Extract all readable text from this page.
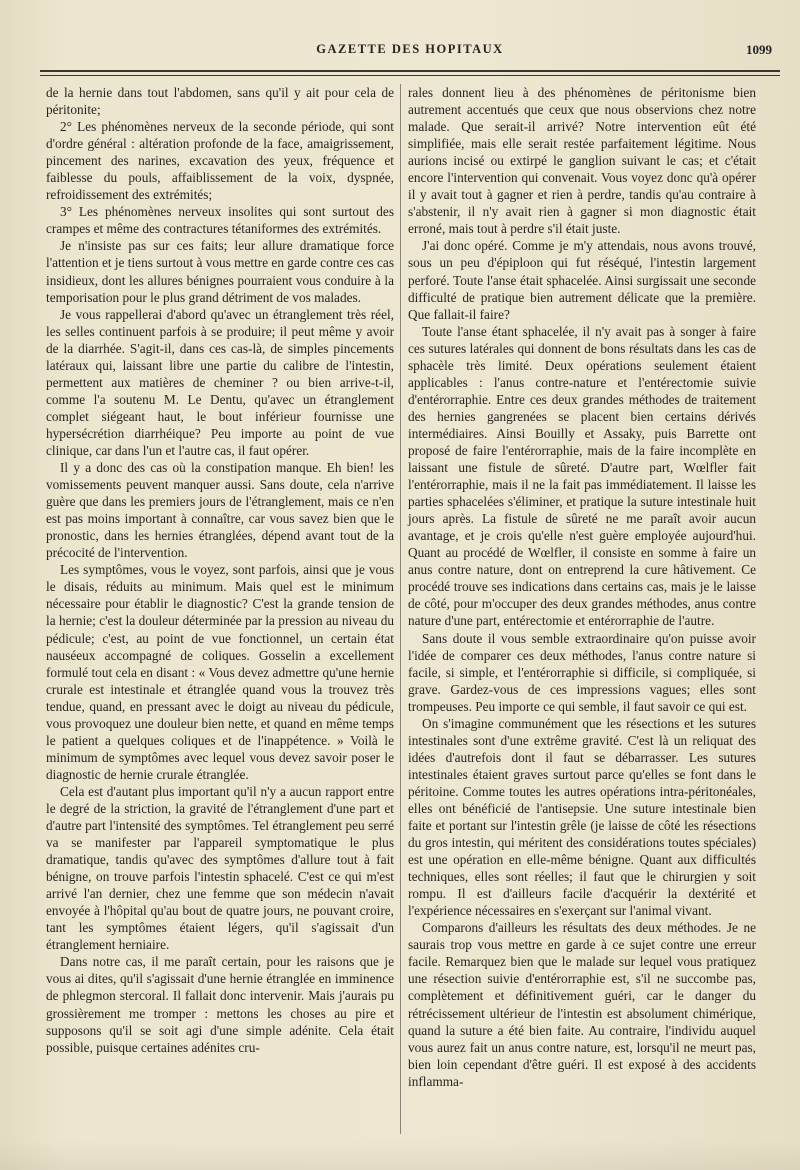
GAZETTE DES HOPITAUX	1099

de la hernie dans tout l'abdomen, sans qu'il y ait pour cela de péritonite;

2° Les phénomènes nerveux de la seconde période, qui sont d'ordre général : altération profonde de la face, amaigrissement, pincement des narines, excavation des yeux, fréquence et faiblesse du pouls, affaiblissement de la voix, dyspnée, refroidissement des extrémités;

3° Les phénomènes nerveux insolites qui sont surtout des crampes et même des contractures tétaniformes des extrémités.

Je n'insiste pas sur ces faits; leur allure dramatique force l'attention et je tiens surtout à vous mettre en garde contre ces cas insidieux, dont les allures bénignes pourraient vous conduire à la temporisation pour le plus grand détriment de vos malades.

Je vous rappellerai d'abord qu'avec un étranglement très réel, les selles continuent parfois à se produire; il peut même y avoir de la diarrhée. S'agit-il, dans ces cas-là, de simples pincements latéraux qui, laissant libre une partie du calibre de l'intestin, permettent aux matières de cheminer ? ou bien arrive-t-il, comme l'a soutenu M. Le Dentu, qu'avec un étranglement complet siégeant haut, le bout inférieur fournisse une hypersécrétion diarrhéique? Peu importe au point de vue clinique, car dans l'un et l'autre cas, il faut opérer.

Il y a donc des cas où la constipation manque. Eh bien! les vomissements peuvent manquer aussi. Sans doute, cela n'arrive guère que dans les premiers jours de l'étranglement, mais ce n'en est pas moins important à connaître, car vous savez bien que le pronostic, dans les hernies étranglées, dépend avant tout de la précocité de l'intervention.

Les symptômes, vous le voyez, sont parfois, ainsi que je vous le disais, réduits au minimum. Mais quel est le minimum nécessaire pour établir le diagnostic? C'est la grande tension de la hernie; c'est la douleur déterminée par la pression au niveau du pédicule; c'est, au point de vue fonctionnel, un certain état nauséeux accompagné de coliques. Gosselin a excellement formulé tout cela en disant : « Vous devez admettre qu'une hernie crurale est intestinale et étranglée quand vous la trouvez très tendue, quand, en pressant avec le doigt au niveau du pédicule, vous provoquez une douleur bien nette, et quand en même temps le patient a quelques coliques et de l'inappétence. » Voilà le minimum de symptômes avec lequel vous devez savoir poser le diagnostic de hernie crurale étranglée.

Cela est d'autant plus important qu'il n'y a aucun rapport entre le degré de la striction, la gravité de l'étranglement d'une part et d'autre part l'intensité des symptômes. Tel étranglement peu serré va se manifester par l'appareil symptomatique le plus dramatique, tandis qu'avec des symptômes d'allure tout à fait bénigne, on trouve parfois l'intestin sphacelé. C'est ce qui m'est arrivé l'an dernier, chez une femme que son médecin n'avait envoyée à l'hôpital qu'au bout de quatre jours, ne pouvant croire, tant les symptômes étaient légers, qu'il s'agissait d'un étranglement herniaire.

Dans notre cas, il me paraît certain, pour les raisons que je vous ai dites, qu'il s'agissait d'une hernie étranglée en imminence de phlegmon stercoral. Il fallait donc intervenir. Mais j'aurais pu grossièrement me tromper : mettons les choses au pire et supposons qu'il se soit agi d'une simple adénite. Cela était possible, puisque certaines adénites cru-

rales donnent lieu à des phénomènes de péritonisme bien autrement accentués que ceux que nous observions chez notre malade. Que serait-il arrivé? Notre intervention eût été simplifiée, mais elle serait restée parfaitement légitime. Nous aurions incisé ou extirpé le ganglion suivant le cas; et c'était encore l'intervention qui convenait. Vous voyez donc qu'à opérer il y avait tout à gagner et rien à perdre, tandis qu'au contraire à s'abstenir, il n'y avait rien à gagner si mon diagnostic était erroné, mais tout à perdre s'il était juste.

J'ai donc opéré. Comme je m'y attendais, nous avons trouvé, sous un peu d'épiploon qui fut réséqué, l'intestin largement perforé. Toute l'anse était sphacelée. Ainsi surgissait une seconde difficulté de pratique bien autrement délicate que la première. Que fallait-il faire?

Toute l'anse étant sphacelée, il n'y avait pas à songer à faire ces sutures latérales qui donnent de bons résultats dans les cas de sphacèle très limité. Deux opérations seulement étaient applicables : l'anus contre-nature et l'entérectomie suivie d'entérorraphie. Entre ces deux grandes méthodes de traitement des hernies gangrenées se placent bien certains dérivés intermédiaires. Ainsi Bouilly et Assaky, puis Barrette ont proposé de faire l'entérorraphie, mais de la faire incomplète en laissant une fistule de sûreté. D'autre part, Wœlfler fait l'entérorraphie, mais il ne la fait pas immédiatement. Il laisse les parties sphacelées s'éliminer, et pratique la suture intestinale huit jours après. La fistule de sûreté ne me paraît avoir aucun avantage, et je crois qu'elle n'est guère employée aujourd'hui. Quant au procédé de Wœlfler, il consiste en somme à faire un anus contre nature, dont on entreprend la cure hâtivement. Ce procédé trouve ses indications dans certains cas, mais je le laisse de côté, pour m'occuper des deux grandes méthodes, anus contre nature d'une part, entérectomie et entérorraphie de l'autre.

Sans doute il vous semble extraordinaire qu'on puisse avoir l'idée de comparer ces deux méthodes, l'anus contre nature si facile, si simple, et l'entérorraphie si difficile, si compliquée, si grave. Gardez-vous de ces impressions vagues; elles sont trompeuses. Peu importe ce qui semble, il faut savoir ce qui est.

On s'imagine communément que les résections et les sutures intestinales sont d'une extrême gravité. C'est là un reliquat des idées d'autrefois dont il faut se débarrasser. Les sutures intestinales étaient graves surtout parce qu'elles se font dans le péritoine. Comme toutes les autres opérations intra-péritonéales, elles ont bénéficié de l'antisepsie. Une suture intestinale bien faite et portant sur l'intestin grêle (je laisse de côté les résections du gros intestin, qui méritent des considérations toutes spéciales) est une opération en elle-même bénigne. Quant aux difficultés techniques, elles sont réelles; il faut que le chirurgien y soit rompu. Il est d'ailleurs facile d'acquérir la dextérité et l'expérience nécessaires en s'exerçant sur l'animal vivant.

Comparons d'ailleurs les résultats des deux méthodes. Je ne saurais trop vous mettre en garde à ce sujet contre une erreur facile. Remarquez bien que le malade sur lequel vous pratiquez une résection suivie d'entérorraphie est, s'il ne succombe pas, complètement et définitivement guéri, car le danger du rétrécissement ultérieur de l'intestin est absolument chimérique, quand la suture a été bien faite. Au contraire, l'individu auquel vous aurez fait un anus contre nature, est, lorsqu'il ne meurt pas, bien loin cependant d'être guéri. Il est exposé à des accidents inflamma-
